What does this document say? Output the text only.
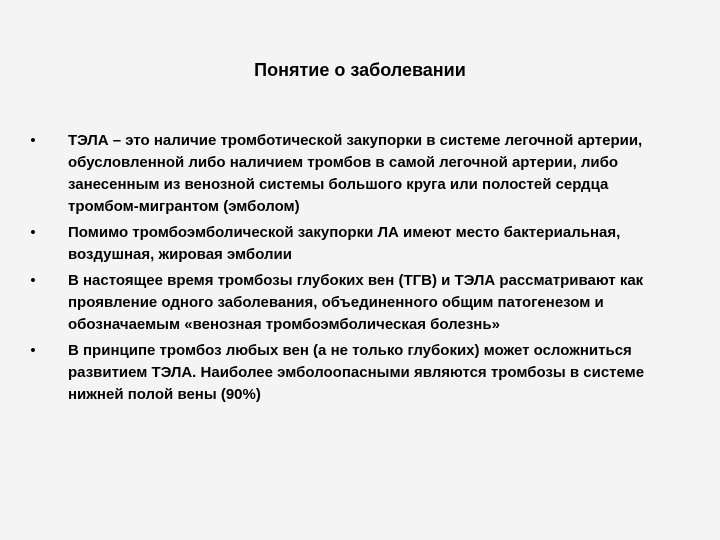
Понятие о заболевании
• ТЭЛА – это наличие тромботической закупорки в системе легочной артерии, обусловленной либо наличием тромбов в самой легочной артерии, либо занесенным из венозной системы большого круга или полостей сердца тромбом-мигрантом (эмболом)
• Помимо тромбоэмболической закупорки ЛА имеют место бактериальная, воздушная, жировая эмболии
• В настоящее время тромбозы глубоких вен (ТГВ) и ТЭЛА рассматривают как проявление одного заболевания, объединенного общим патогенезом и обозначаемым «венозная тромбоэмболическая болезнь»
• В принципе тромбоз любых вен (а не только глубоких) может осложниться развитием ТЭЛА. Наиболее эмболоопасными являются тромбозы в системе нижней полой вены (90%)
